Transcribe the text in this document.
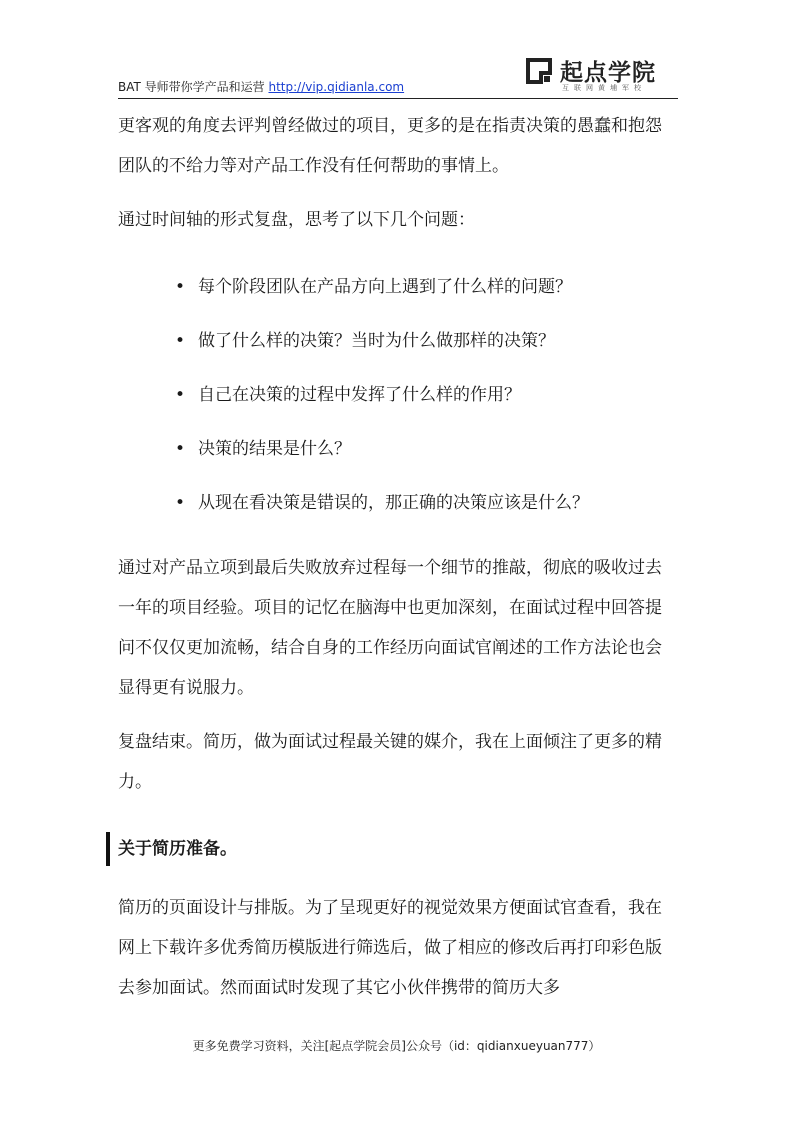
BAT 导师带你学产品和运营 http://vip.qidianla.com
起点学院
互联网黄埔军校

更客观的角度去评判曾经做过的项目，更多的是在指责决策的愚蠢和抱怨团队的不给力等对产品工作没有任何帮助的事情上。

通过时间轴的形式复盘，思考了以下几个问题：

• 每个阶段团队在产品方向上遇到了什么样的问题？
• 做了什么样的决策？当时为什么做那样的决策？
• 自己在决策的过程中发挥了什么样的作用？
• 决策的结果是什么？
• 从现在看决策是错误的，那正确的决策应该是什么？

通过对产品立项到最后失败放弃过程每一个细节的推敲，彻底的吸收过去一年的项目经验。项目的记忆在脑海中也更加深刻，在面试过程中回答提问不仅仅更加流畅，结合自身的工作经历向面试官阐述的工作方法论也会显得更有说服力。

复盘结束。简历，做为面试过程最关键的媒介，我在上面倾注了更多的精力。

关于简历准备。

简历的页面设计与排版。为了呈现更好的视觉效果方便面试官查看，我在网上下载许多优秀简历模版进行筛选后，做了相应的修改后再打印彩色版去参加面试。然而面试时发现了其它小伙伴携带的简历大多

更多免费学习资料，关注[起点学院会员]公众号（id：qidianxueyuan777）
